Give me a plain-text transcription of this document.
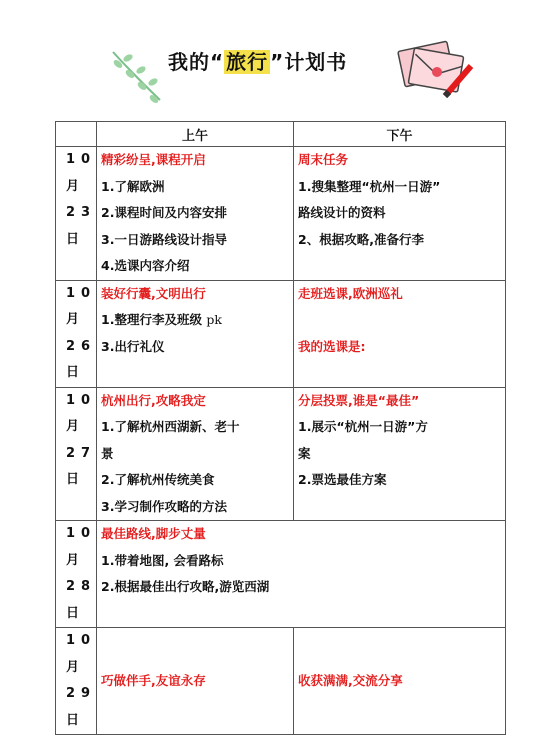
我的“ 旅行 ”计划书
	上午	下午

10
月
23
日	精彩纷呈,课程开启
1.了解欧洲
2.课程时间及内容安排
3.一日游路线设计指导
4.选课内容介绍	周末任务
1.搜集整理“杭州一日游”
路线设计的资料
2、根据攻略,准备行李

10
月
26
日	装好行囊,文明出行
1.整理行李及班级 pk
3.出行礼仪	走班选课,欧洲巡礼

我的选课是:

10
月
27
日	杭州出行,攻略我定
1.了解杭州西湖新、老十
景
2.了解杭州传统美食
3.学习制作攻略的方法	分层投票,谁是“最佳”
1.展示“杭州一日游”方
案
2.票选最佳方案

10
月
28
日	最佳路线,脚步丈量
1.带着地图, 会看路标
2.根据最佳出行攻略,游览西湖	

10
月
29
日	巧做伴手,友谊永存	收获满满,交流分享
